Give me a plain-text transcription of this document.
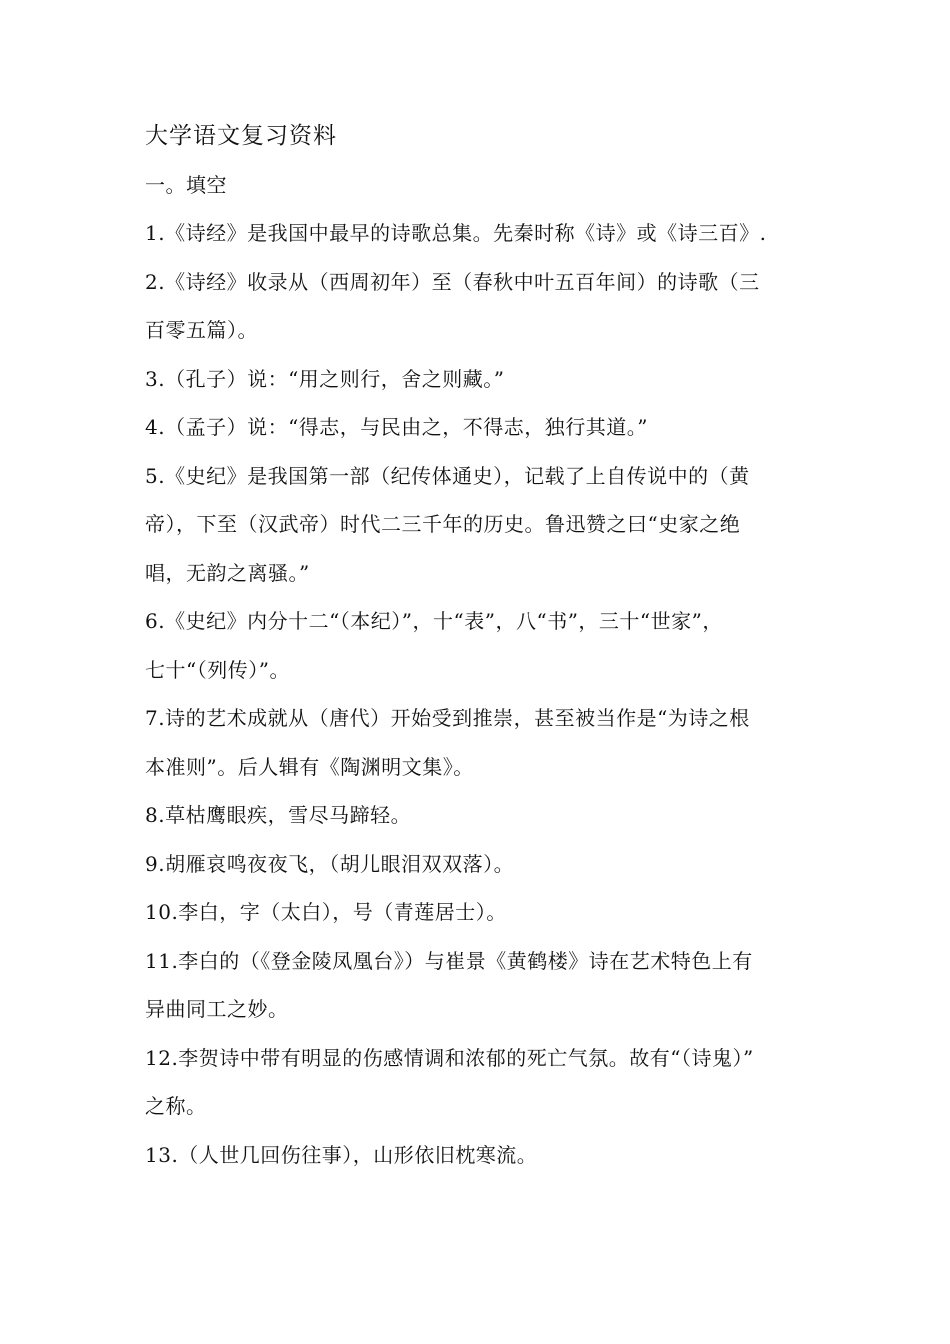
大学语文复习资料
一。填空
1.《诗经》是我国中最早的诗歌总集。先秦时称《诗》或《诗三百》.
2.《诗经》收录从（西周初年）至（春秋中叶五百年间）的诗歌（三
百零五篇）。
3.（孔子）说：“用之则行，舍之则藏。”
4.（孟子）说：“得志，与民由之，不得志，独行其道。”
5.《史纪》是我国第一部（纪传体通史），记载了上自传说中的（黄
帝），下至（汉武帝）时代二三千年的历史。鲁迅赞之曰“史家之绝
唱，无韵之离骚。”
6.《史纪》内分十二“（本纪）”，十“表”，八“书”，三十“世家”，
七十“（列传）”。
7.诗的艺术成就从（唐代）开始受到推崇，甚至被当作是“为诗之根
本准则”。后人辑有《陶渊明文集》。
8.草枯鹰眼疾，雪尽马蹄轻。
9.胡雁哀鸣夜夜飞，（胡儿眼泪双双落）。
10.李白，字（太白），号（青莲居士）。
11.李白的（《登金陵凤凰台》）与崔景《黄鹤楼》诗在艺术特色上有
异曲同工之妙。
12.李贺诗中带有明显的伤感情调和浓郁的死亡气氛。故有“（诗鬼）”
之称。
13.（人世几回伤往事），山形依旧枕寒流。
